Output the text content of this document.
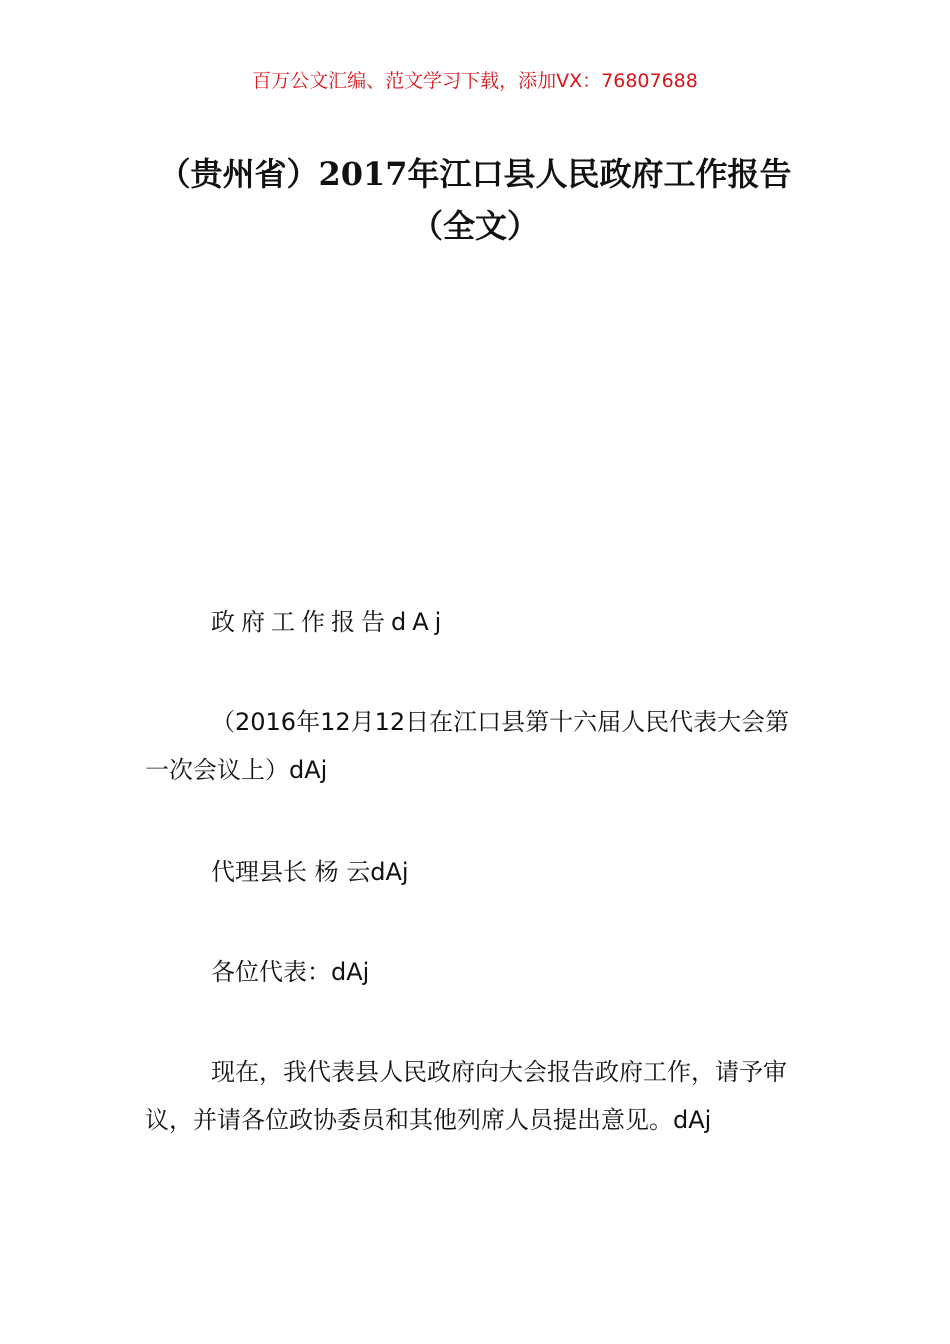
百万公文汇编、范文学习下载，添加VX：76807688
（贵州省）2017年江口县人民政府工作报告（全文）
政府工作报告dAj
（2016年12月12日在江口县第十六届人民代表大会第一次会议上）dAj
代理县长 杨 云dAj
各位代表：dAj
现在，我代表县人民政府向大会报告政府工作，请予审议，并请各位政协委员和其他列席人员提出意见。dAj
